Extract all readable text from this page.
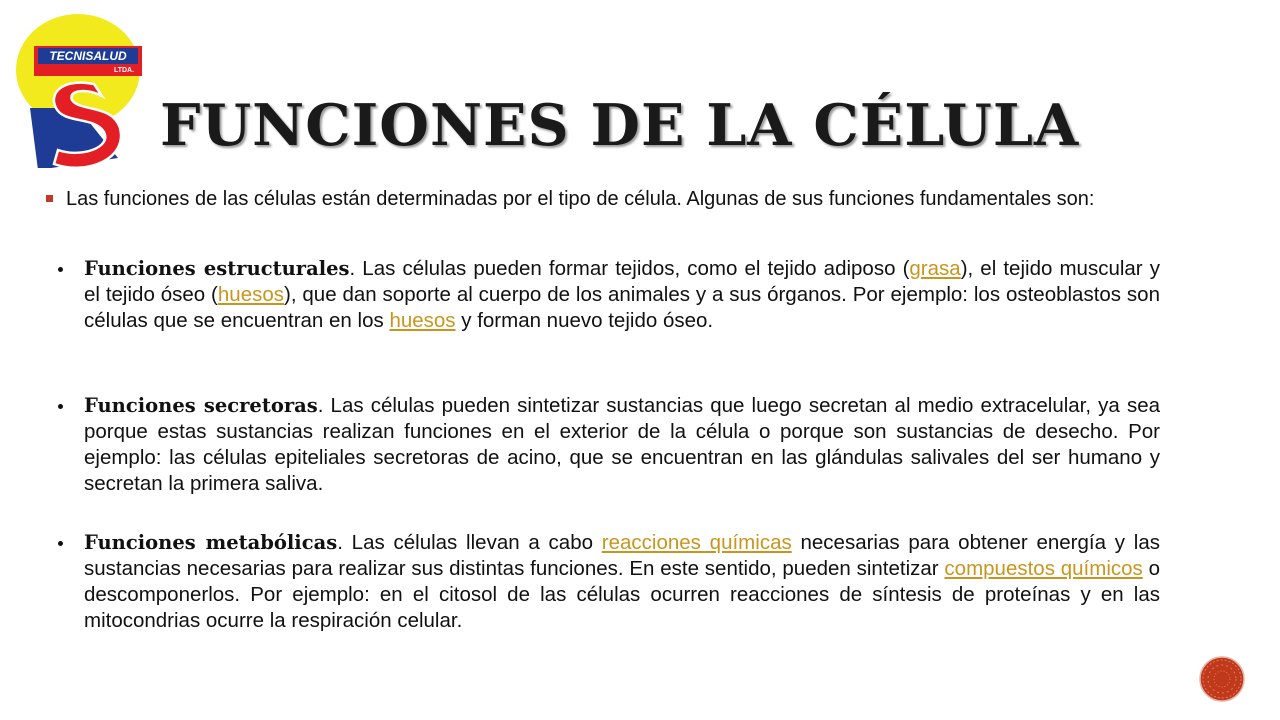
TECNISALUD
LTDA.
FUNCIONES DE LA CÉLULA
Las funciones de las células están determinadas por el tipo de célula. Algunas de sus funciones fundamentales son:
Funciones estructurales. Las células pueden formar tejidos, como el tejido adiposo (grasa), el tejido muscular y el tejido óseo (huesos), que dan soporte al cuerpo de los animales y a sus órganos. Por ejemplo: los osteoblastos son células que se encuentran en los huesos y forman nuevo tejido óseo.
Funciones secretoras. Las células pueden sintetizar sustancias que luego secretan al medio extracelular, ya sea porque estas sustancias realizan funciones en el exterior de la célula o porque son sustancias de desecho. Por ejemplo: las células epiteliales secretoras de acino, que se encuentran en las glándulas salivales del ser humano y secretan la primera saliva.
Funciones metabólicas. Las células llevan a cabo reacciones químicas necesarias para obtener energía y las sustancias necesarias para realizar sus distintas funciones. En este sentido, pueden sintetizar compuestos químicos o descomponerlos. Por ejemplo: en el citosol de las células ocurren reacciones de síntesis de proteínas y en las mitocondrias ocurre la respiración celular.
